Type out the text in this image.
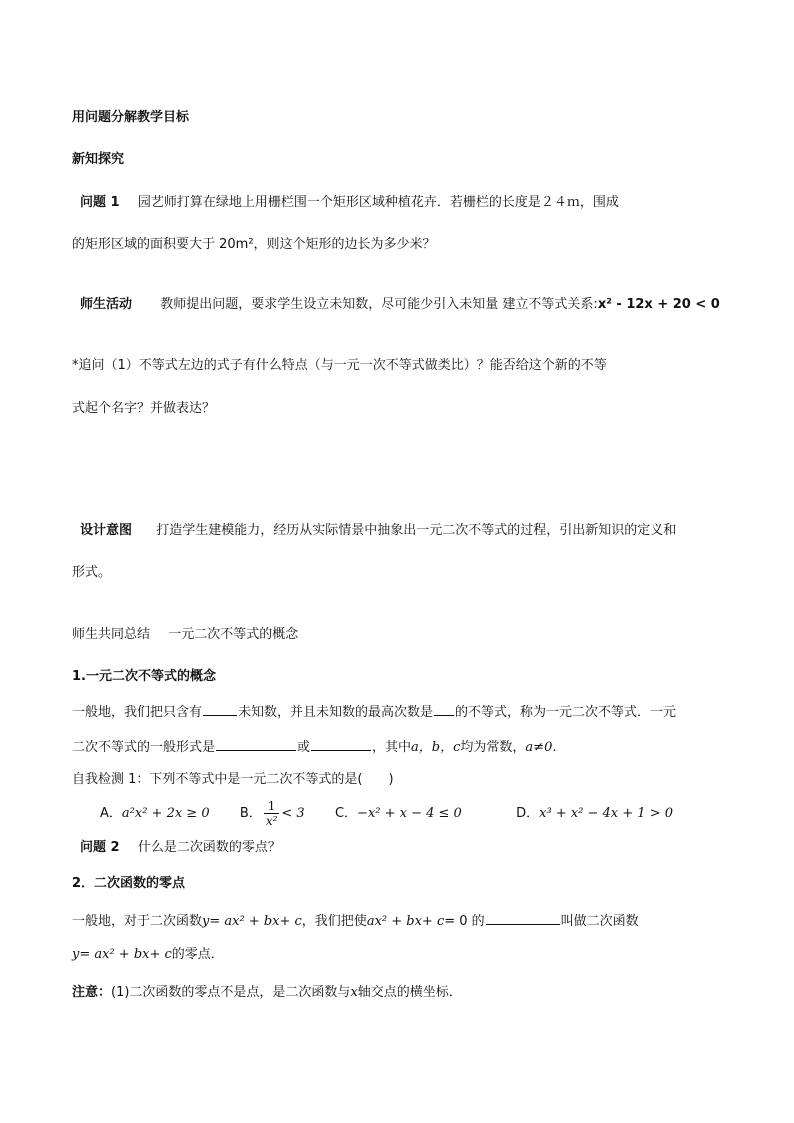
用问题分解教学目标
新知探究
问题 1 园艺师打算在绿地上用栅栏围一个矩形区域种植花卉．若栅栏的长度是２４ｍ，围成
的矩形区域的面积要大于 20m²，则这个矩形的边长为多少米？
师生活动 教师提出问题，要求学生设立未知数，尽可能少引入未知量 建立不等式关系:x² - 12x + 20 < 0
*追问（1）不等式左边的式子有什么特点（与一元一次不等式做类比）？能否给这个新的不等
式起个名字？并做表达？
设计意图 打造学生建模能力，经历从实际情景中抽象出一元二次不等式的过程，引出新知识的定义和
形式。
师生共同总结 一元二次不等式的概念
1.一元二次不等式的概念
一般地，我们把只含有	未知数，并且未知数的最高次数是 的不等式，称为一元二次不等式．一元
二次不等式的一般形式是	或	，其中a，b，c均为常数，a≠0.
自我检测 1：下列不等式中是一元二次不等式的是(　　)
A．a²x² + 2x ≥ 0 B． $\frac{1}{\text{x²}} < 3$ C．−x² + x − 4 ≤ 0	D．x³ + x² − 4x + 1 > 0
问题 2 什么是二次函数的零点？
2．二次函数的零点
一般地，对于二次函数y= ax² + bx+ c，我们把使ax² + bx+ c= 0 的	叫做二次函数
y= ax² + bx+ c的零点．
注意：(1)二次函数的零点不是点，是二次函数与x轴交点的横坐标．
